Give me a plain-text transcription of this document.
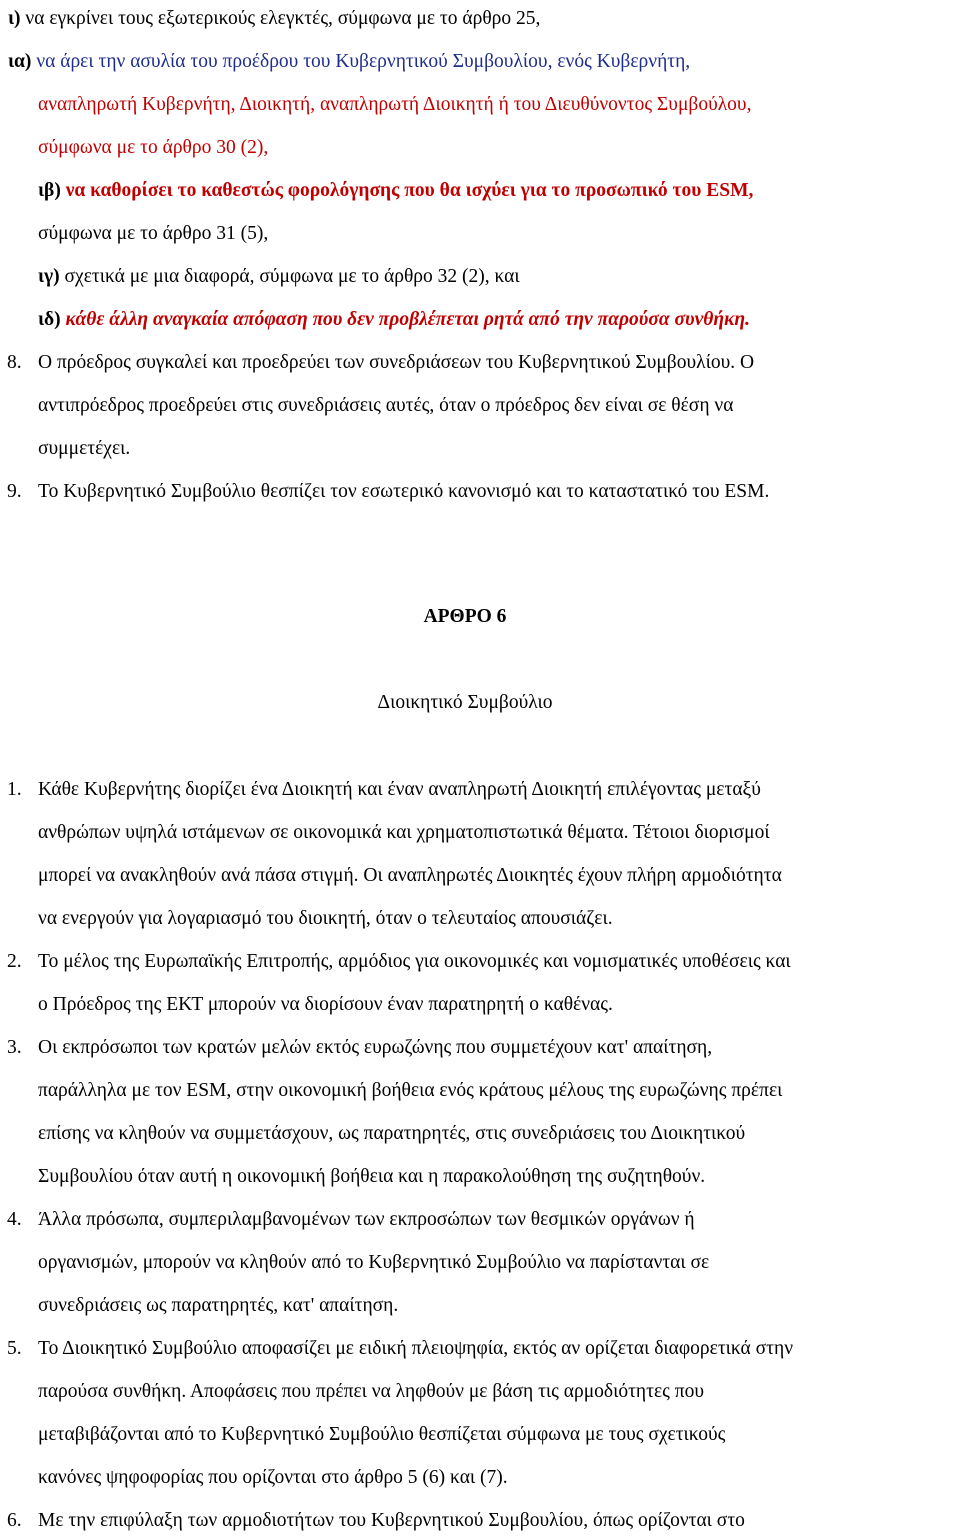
ι) να εγκρίνει τους εξωτερικούς ελεγκτές, σύμφωνα με το άρθρο 25,
ια) να άρει την ασυλία του προέδρου του Κυβερνητικού Συμβουλίου, ενός Κυβερνήτη,
αναπληρωτή Κυβερνήτη, Διοικητή, αναπληρωτή Διοικητή ή του Διευθύνοντος Συμβούλου,
σύμφωνα με το άρθρο 30 (2),
ιβ) να καθορίσει το καθεστώς φορολόγησης που θα ισχύει για το προσωπικό του ESM,
σύμφωνα με το άρθρο 31 (5),
ιγ) σχετικά με μια διαφορά, σύμφωνα με το άρθρο 32 (2), και
ιδ) κάθε άλλη αναγκαία απόφαση που δεν προβλέπεται ρητά από την παρούσα συνθήκη.
8. Ο πρόεδρος συγκαλεί και προεδρεύει των συνεδριάσεων του Κυβερνητικού Συμβουλίου. Ο
αντιπρόεδρος προεδρεύει στις συνεδριάσεις αυτές, όταν ο πρόεδρος δεν είναι σε θέση να
συμμετέχει.
9. Το Κυβερνητικό Συμβούλιο θεσπίζει τον εσωτερικό κανονισμό και το καταστατικό του ESM.
ΑΡΘΡΟ 6
Διοικητικό Συμβούλιο
1. Κάθε Κυβερνήτης διορίζει ένα Διοικητή και έναν αναπληρωτή Διοικητή επιλέγοντας μεταξύ
ανθρώπων υψηλά ιστάμενων σε οικονομικά και χρηματοπιστωτικά θέματα. Τέτοιοι διορισμοί
μπορεί να ανακληθούν ανά πάσα στιγμή. Οι αναπληρωτές Διοικητές έχουν πλήρη αρμοδιότητα
να ενεργούν για λογαριασμό του διοικητή, όταν ο τελευταίος απουσιάζει.
2. Το μέλος της Ευρωπαϊκής Επιτροπής, αρμόδιος για οικονομικές και νομισματικές υποθέσεις και
ο Πρόεδρος της ΕΚΤ μπορούν να διορίσουν έναν παρατηρητή ο καθένας.
3. Οι εκπρόσωποι των κρατών μελών εκτός ευρωζώνης που συμμετέχουν κατ' απαίτηση,
παράλληλα με τον ESM, στην οικονομική βοήθεια ενός κράτους μέλους της ευρωζώνης πρέπει
επίσης να κληθούν να συμμετάσχουν, ως παρατηρητές, στις συνεδριάσεις του Διοικητικού
Συμβουλίου όταν αυτή η οικονομική βοήθεια και η παρακολούθηση της συζητηθούν.
4. Άλλα πρόσωπα, συμπεριλαμβανομένων των εκπροσώπων των θεσμικών οργάνων ή
οργανισμών, μπορούν να κληθούν από το Κυβερνητικό Συμβούλιο να παρίστανται σε
συνεδριάσεις ως παρατηρητές, κατ' απαίτηση.
5. Το Διοικητικό Συμβούλιο αποφασίζει με ειδική πλειοψηφία, εκτός αν ορίζεται διαφορετικά στην
παρούσα συνθήκη. Αποφάσεις που πρέπει να ληφθούν με βάση τις αρμοδιότητες που
μεταβιβάζονται από το Κυβερνητικό Συμβούλιο θεσπίζεται σύμφωνα με τους σχετικούς
κανόνες ψηφοφορίας που ορίζονται στο άρθρο 5 (6) και (7).
6. Με την επιφύλαξη των αρμοδιοτήτων του Κυβερνητικού Συμβουλίου, όπως ορίζονται στο
